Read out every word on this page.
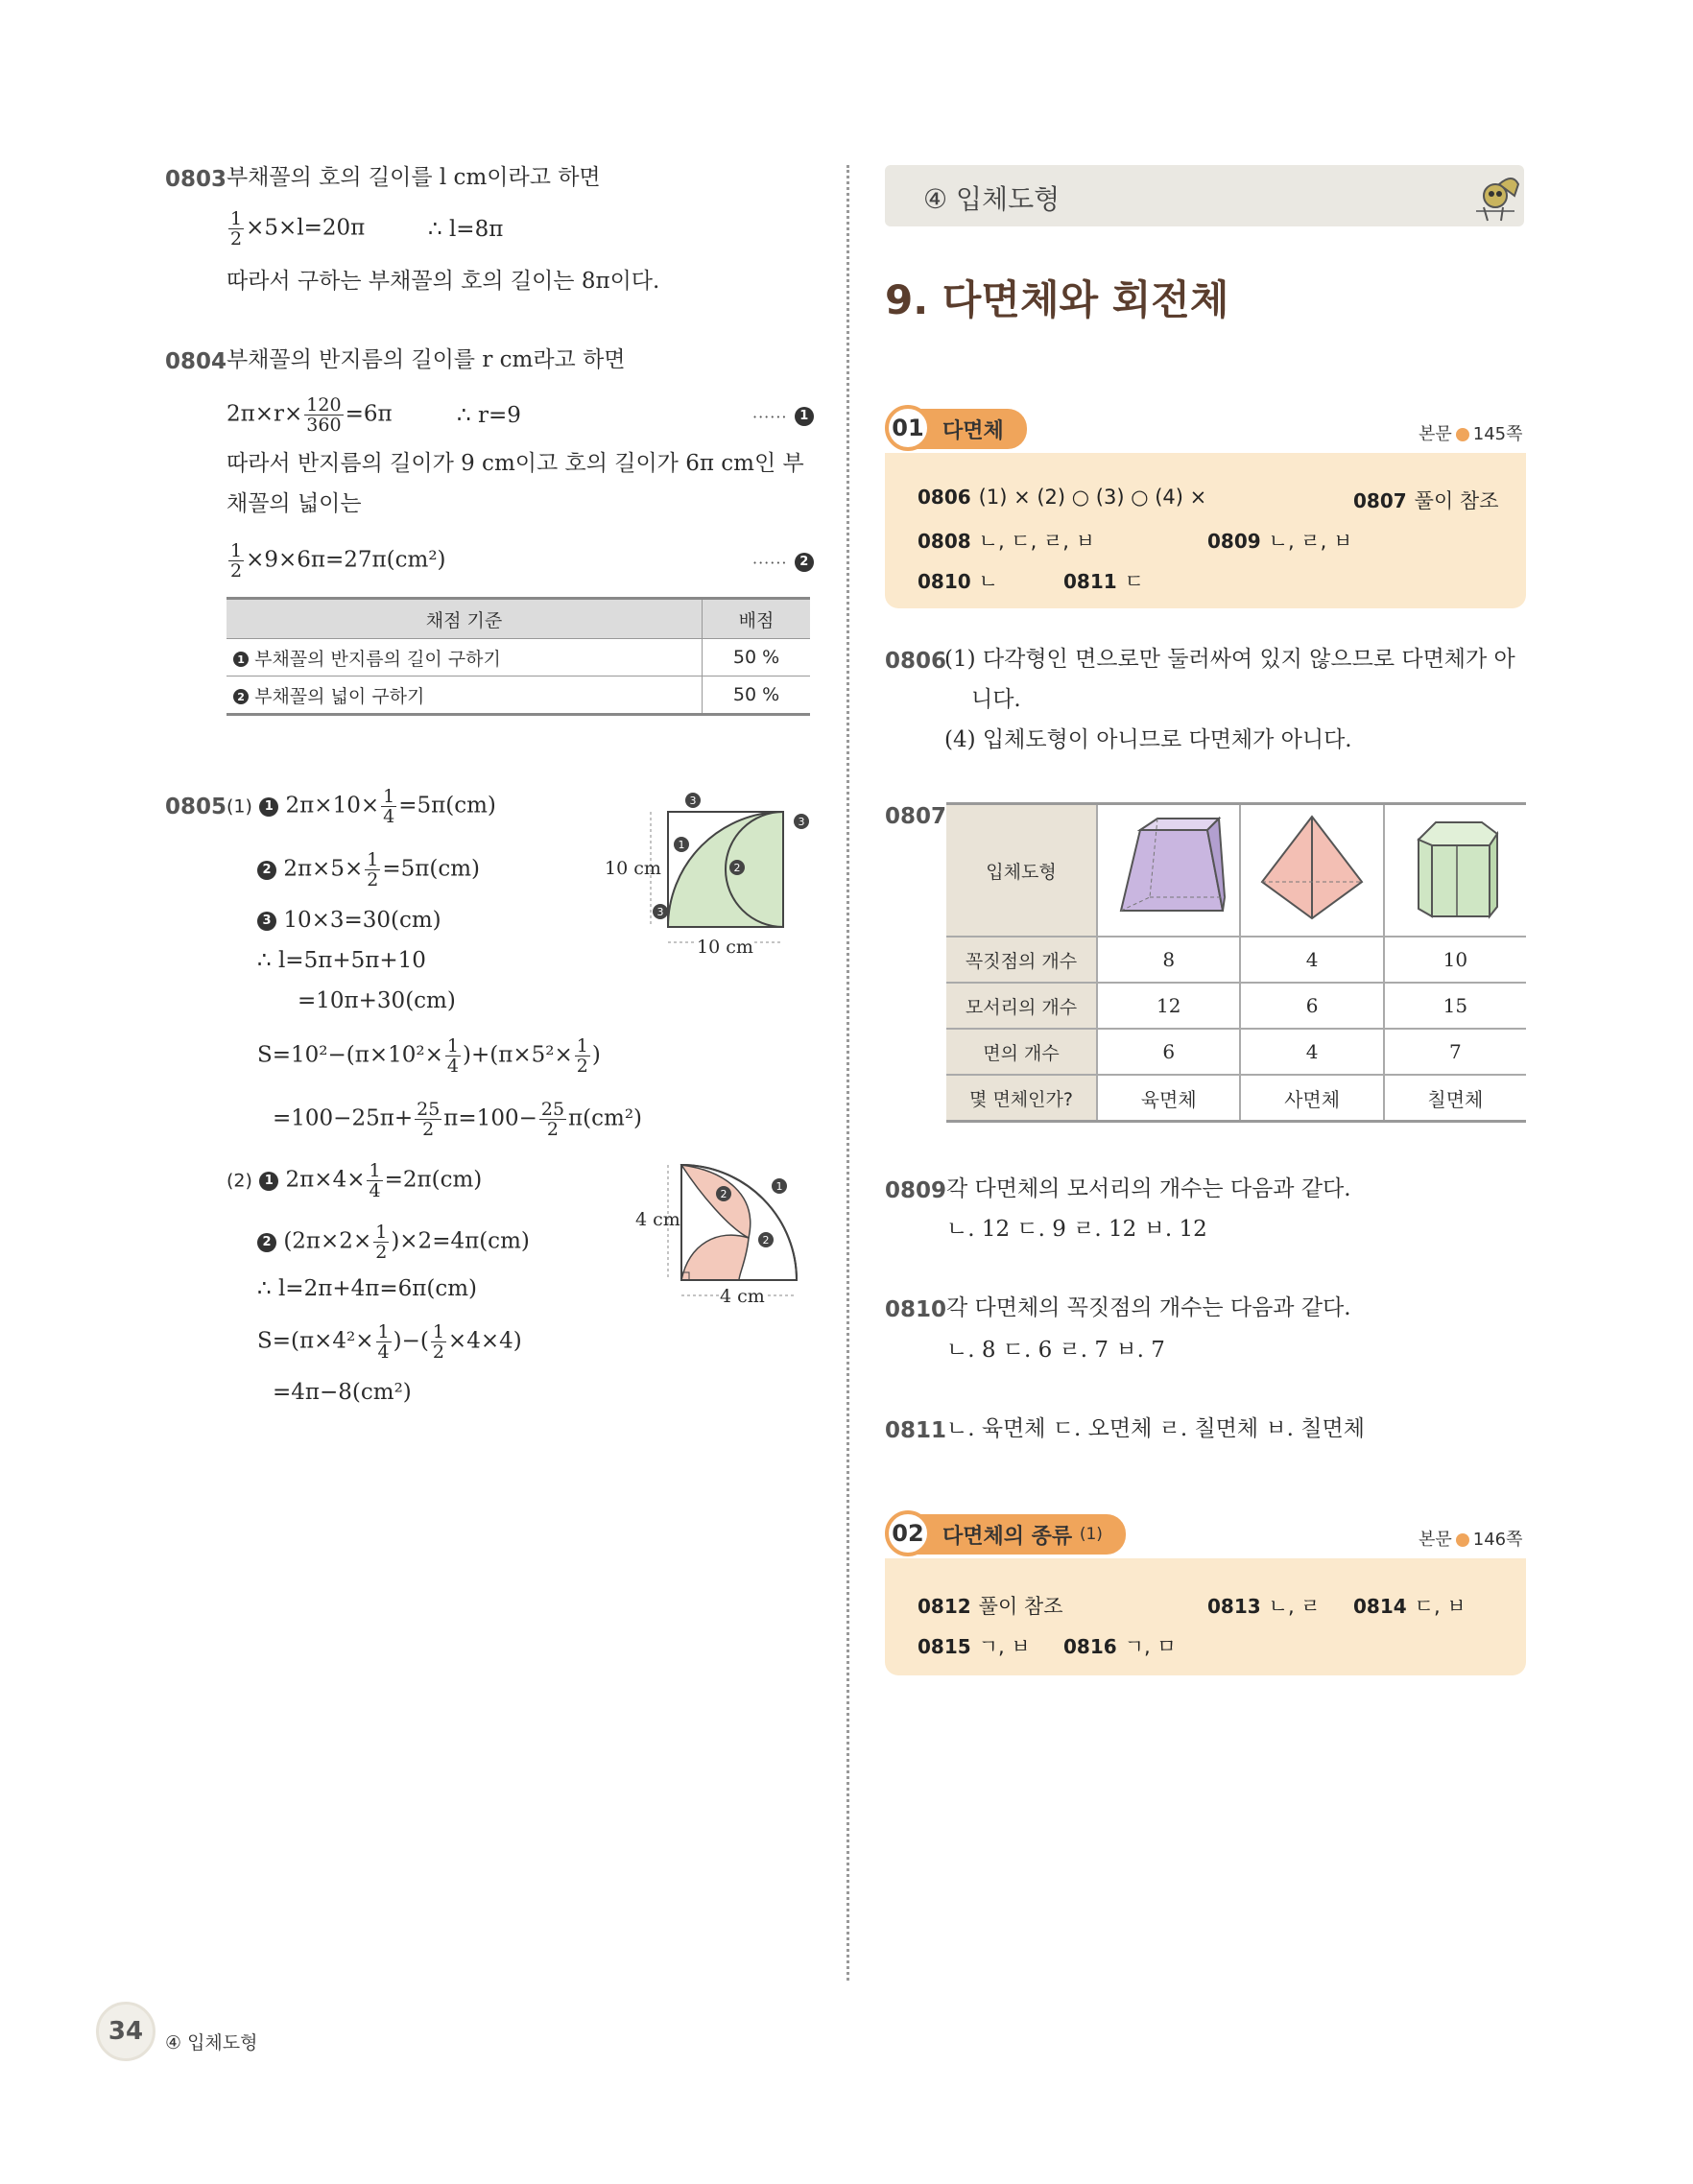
0803 부채꼴의 호의 길이를 l cm이라고 하면
$\frac{1}{2} \times 5\times l=20\pi$	∴ l=8π
따라서 구하는 부채꼴의 호의 길이는 8π이다.
0804 부채꼴의 반지름의 길이를 r cm라고 하면
$2\pi\times r\times \frac{120}{360} =6\pi$	∴ r=9	······ 1
따라서 반지름의 길이가 9 cm이고 호의 길이가 6π cm인 부
채꼴의 넓이는
$\frac{1}{2} \times 9\times 6\pi=27\pi(cm^2)$	······ 2
채점 기준	배점
1 부채꼴의 반지름의 길이 구하기	50 %
2 부채꼴의 넓이 구하기	50 %
0805 (1) 1 $2\pi\times 10\times \frac{1}{4} =5\pi(cm)$
2 $2\pi\times 5\times \frac{1}{2} =5\pi(cm)$
3 10×3=30(cm)
∴ l=5π+5π+10
=10π+30(cm)
$S=10^2-(\pi\times 10^2\times \frac{1}{4} )+(\pi\times 5^2\times \frac{1}{2}$ )
$=100-25\pi+ \frac{25}{2} \pi=100- \frac{25}{2} \pi(cm^2)$
(2) 1 $2\pi\times 4\times \frac{1}{4} =2\pi(cm)$
2 $(2\pi\times 2\times \frac{1}{2} )\times 2=4\pi(cm)$
∴ l=2π+4π=6π(cm)
$S=(\pi\times 4^2\times \frac{1}{4}$ )−( $\frac{1}{2} \times 4\times 4$)
=4π−8(cm²)
3
3
1
2
3
10 cm
10 cm
1
2
2
4 cm
4 cm
④ 입체도형
9. 다면체와 회전체
01 다면체	본문 145쪽
0806 (1) × (2) ○ (3) ○ (4) ×	0807 풀이 참조
0808 ㄴ, ㄷ, ㄹ, ㅂ	0809 ㄴ, ㄹ, ㅂ
0810 ㄴ	0811 ㄷ
0806
(1) 다각형인 면으로만 둘러싸여 있지 않으므로 다면체가 아
니다.
(4) 입체도형이 아니므로 다면체가 아니다.
0807
입체도형			
꼭짓점의 개수	8	4	10
모서리의 개수	12	6	15
면의 개수	6	4	7
몇 면체인가?	육면체	사면체	칠면체
0809 각 다면체의 모서리의 개수는 다음과 같다.
ㄴ. 12 ㄷ. 9 ㄹ. 12 ㅂ. 12
0810 각 다면체의 꼭짓점의 개수는 다음과 같다.
ㄴ. 8 ㄷ. 6 ㄹ. 7 ㅂ. 7
0811 ㄴ. 육면체 ㄷ. 오면체 ㄹ. 칠면체 ㅂ. 칠면체
02 다면체의 종류
(1)	본문 146쪽
0812 풀이 참조	0813 ㄴ, ㄹ 0814 ㄷ, ㅂ
0815 ㄱ, ㅂ 0816 ㄱ, ㅁ
34 ④ 입체도형
